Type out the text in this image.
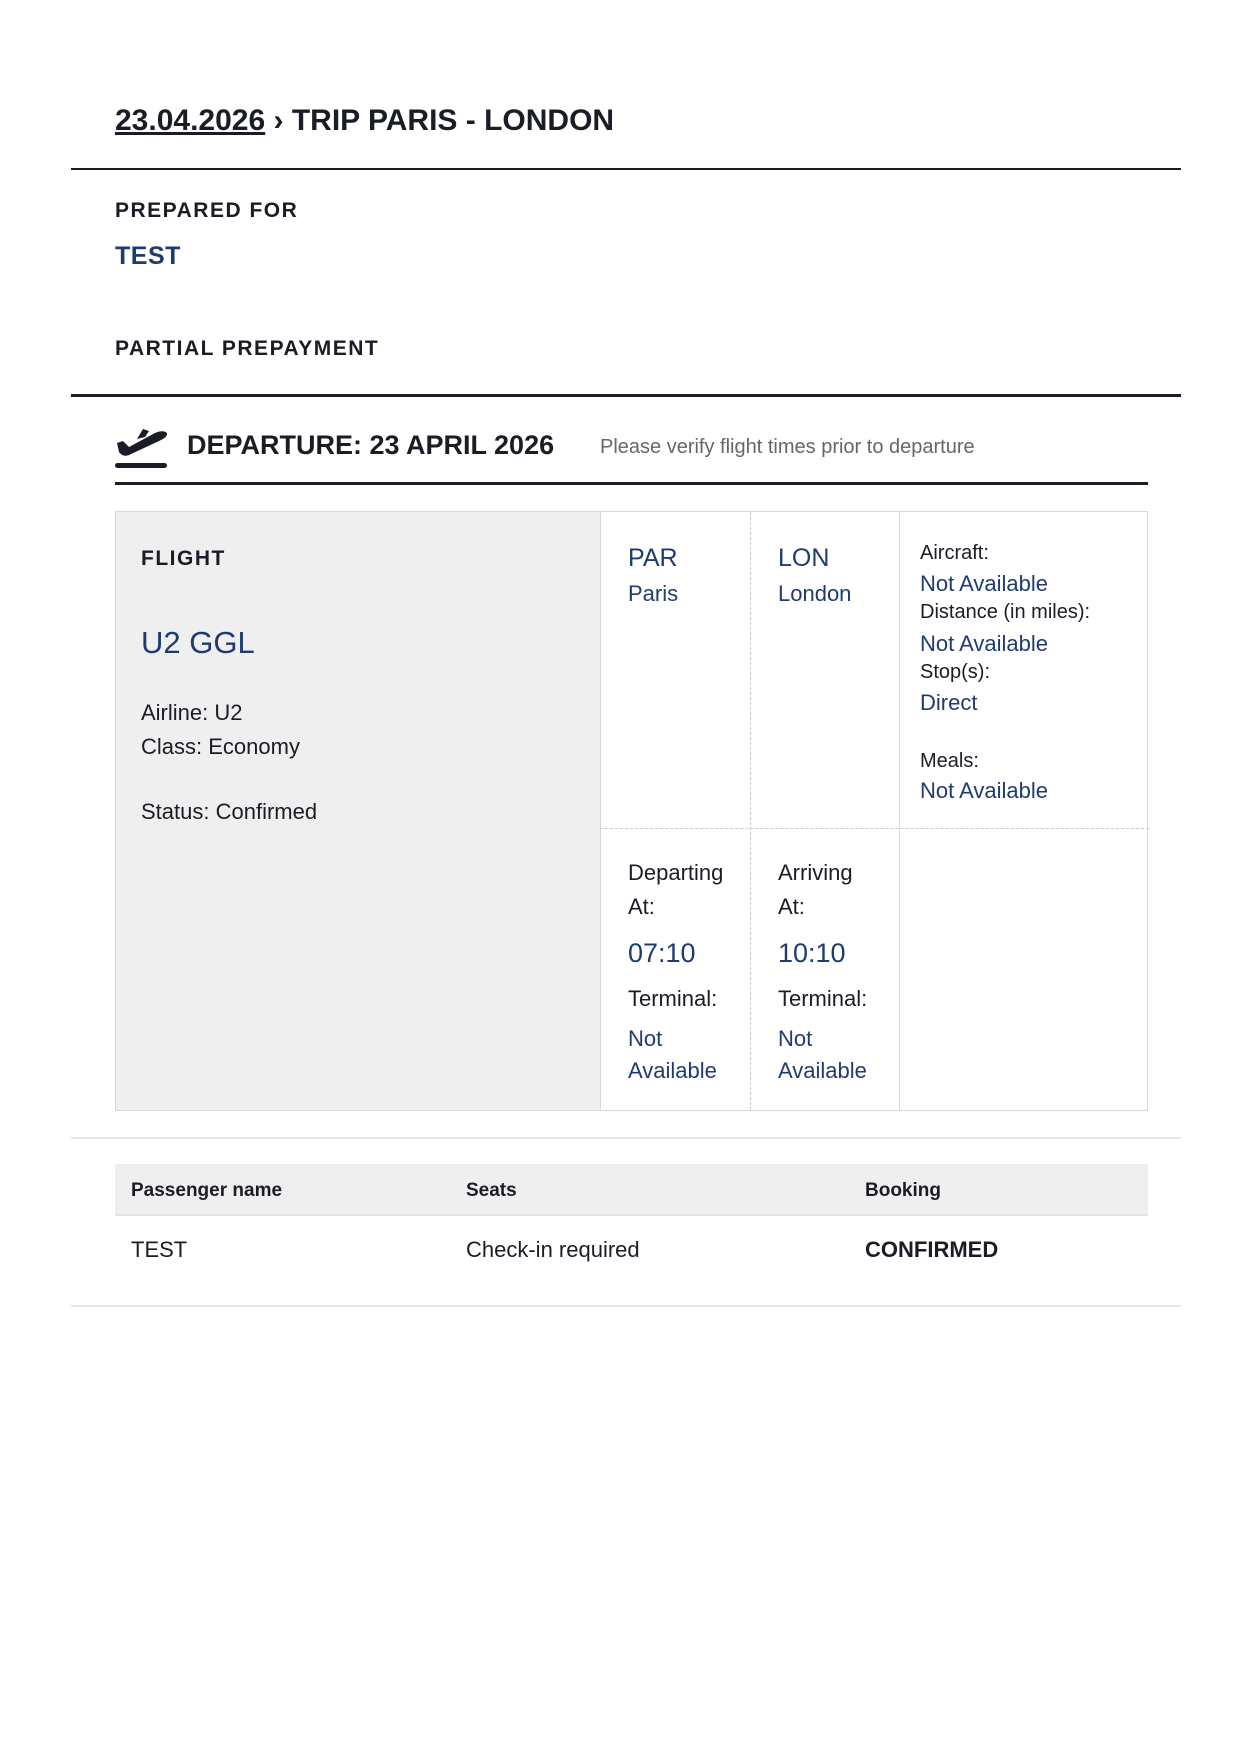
23.04.2026 › TRIP PARIS - LONDON
PREPARED FOR
TEST
PARTIAL PREPAYMENT
DEPARTURE: 23 APRIL 2026 Please verify flight times prior to departure
FLIGHT
U2 GGL
Airline: U2
Class: Economy
Status: Confirmed
PAR
Paris
Departing
At:
07:10
Terminal:
Not
Available
LON
London
Arriving
At:
10:10
Terminal:
Not
Available
Aircraft:
Not Available
Distance (in miles):
Not Available
Stop(s):
Direct
Meals:
Not Available
Passenger name	Seats	Booking
TEST	Check-in required	CONFIRMED
